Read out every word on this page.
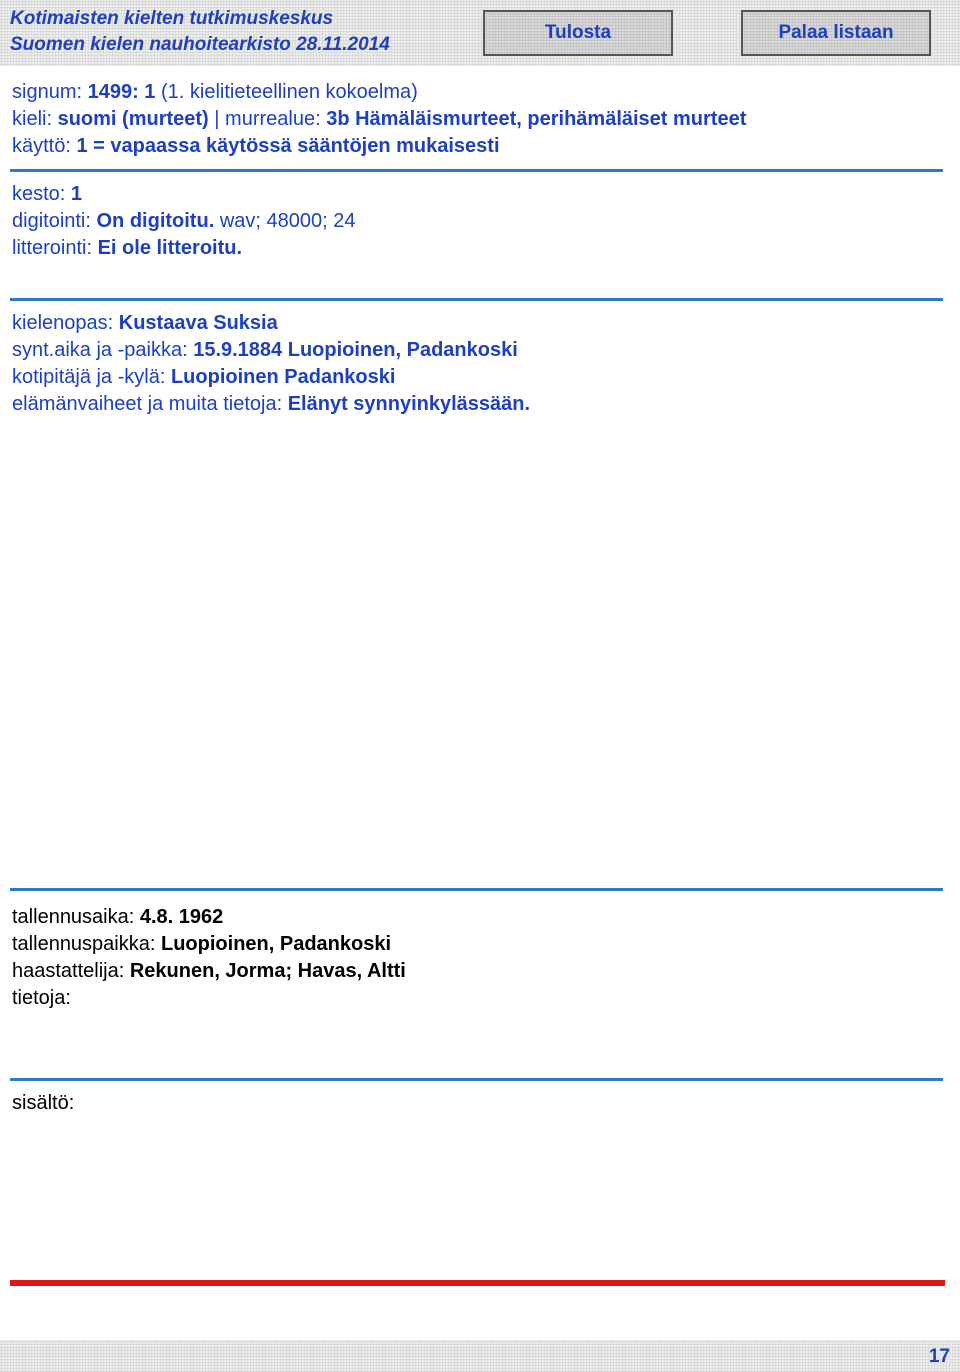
Kotimaisten kielten tutkimuskeskus
Suomen kielen nauhoitearkisto 28.11.2014
Tulosta	Palaa listaan
signum: 1499: 1 (1. kielitieteellinen kokoelma)
kieli: suomi (murteet) | murrealue: 3b Hämäläismurteet, perihämäläiset murteet
käyttö: 1 = vapaassa käytössä sääntöjen mukaisesti
kesto: 1
digitointi: On digitoitu. wav; 48000; 24
litterointi: Ei ole litteroitu.
kielenopas: Kustaava Suksia
synt.aika ja -paikka: 15.9.1884 Luopioinen, Padankoski
kotipitäjä ja -kylä: Luopioinen Padankoski
elämänvaiheet ja muita tietoja: Elänyt synnyinkylässään.
tallennusaika: 4.8. 1962
tallennuspaikka: Luopioinen, Padankoski
haastattelija: Rekunen, Jorma; Havas, Altti
tietoja:
sisältö:
17
